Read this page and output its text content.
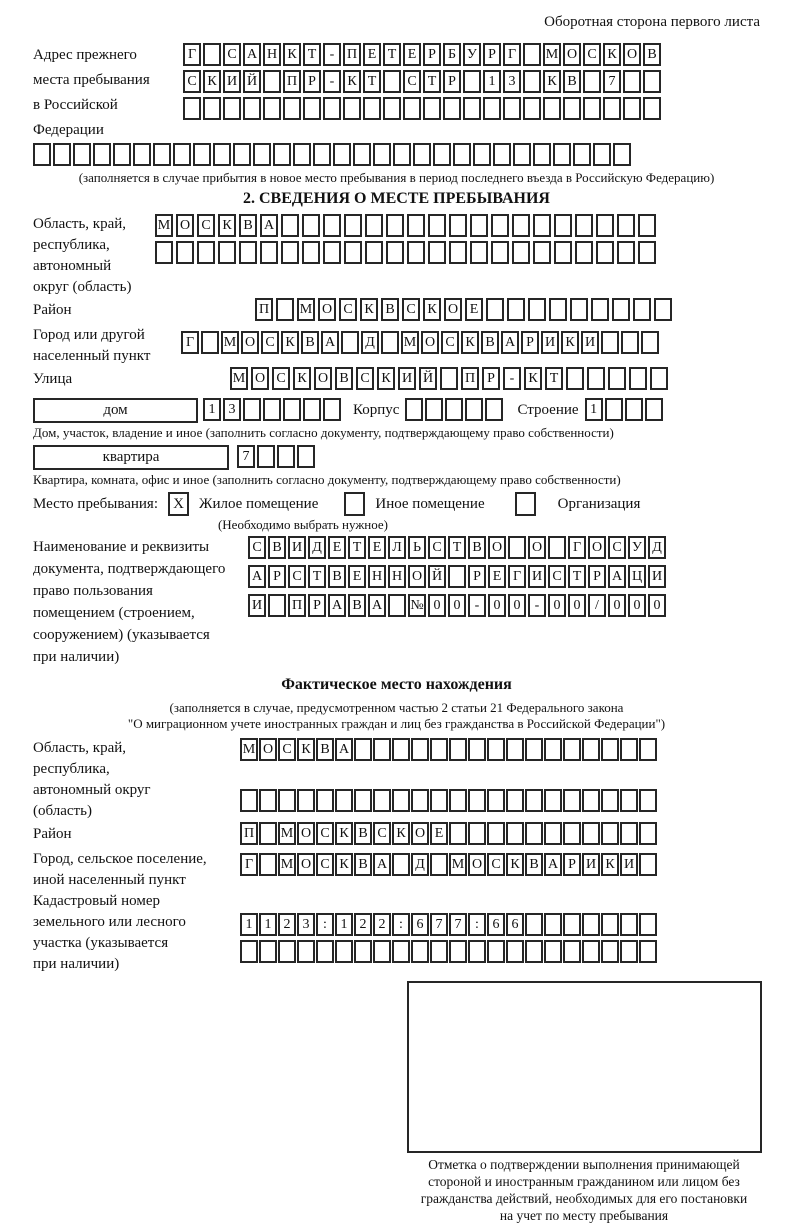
Оборотная сторона первого листа
Адрес прежнего
места пребывания
в Российской
Федерации
Г С А Н К Т - П Е Т Е Р Б У Р Г М О С К О В
С К И Й П Р - К Т С Т Р 1 3 К В 7
(заполняется в случае прибытия в новое место пребывания в период последнего въезда в Российскую Федерацию)
2. СВЕДЕНИЯ О МЕСТЕ ПРЕБЫВАНИЯ
Область, край,
республика,
автономный
округ (область)
М О С К В А
Район	П М О С К В С К О Е
Город или другой
населенный пункт
Г М О С К В А Д М О С К В А Р И К И
Улица	М О С К О В С К И Й П Р - К Т
дом	1 3	Корпус	Строение 1
Дом, участок, владение и иное (заполнить согласно документу, подтверждающему право собственности)
квартира	7
Квартира, комната, офис и иное (заполнить согласно документу, подтверждающему право собственности)
Место пребывания:	X	Жилое помещение	Иное помещение	Организация
(Необходимо выбрать нужное)
Наименование и реквизиты
документа, подтверждающего
право пользования
помещением (строением,
сооружением) (указывается
при наличии)
С В И Д Е Т Е Л Ь С Т В О О Г О С У Д
А Р С Т В Е Н Н О Й Р Е Г И С Т Р А Ц И
И П Р А В А № 0 0 - 0 0 - 0 0 / 0 0 0
Фактическое место нахождения
(заполняется в случае, предусмотренном частью 2 статьи 21 Федерального закона
"О миграционном учете иностранных граждан и лиц без гражданства в Российской Федерации")
Область, край,
республика,
автономный округ
(область)
М О С К В А
Район	П М О С К В С К О Е
Город, сельское поселение,
иной населенный пункт
Г М О С К В А Д М О С К В А Р И К И
Кадастровый номер
земельного или лесного
участка (указывается
при наличии)
1 1 2 3 : 1 2 2 : 6 7 7 : 6 6
Отметка о подтверждении выполнения принимающей
стороной и иностранным гражданином или лицом без
гражданства действий, необходимых для его постановки
на учет по месту пребывания
